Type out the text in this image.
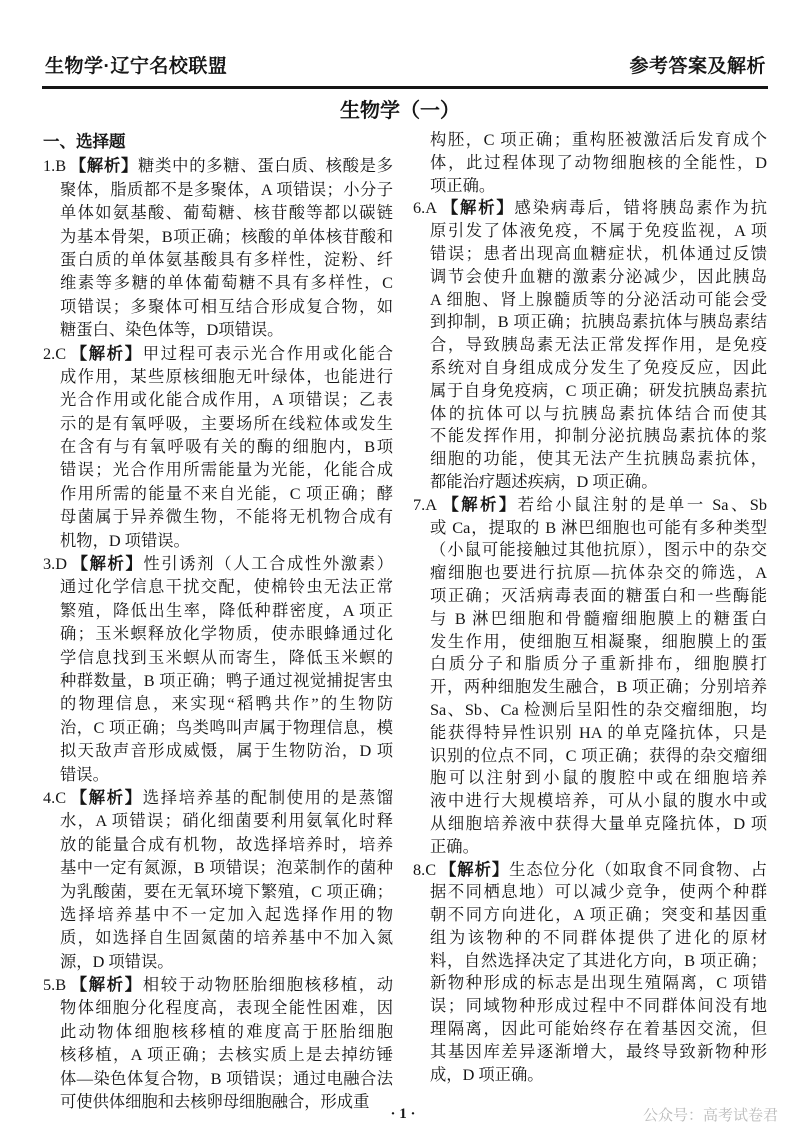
生物学·辽宁名校联盟	参考答案及解析
生物学（一）
一、选择题
1.B 【解析】糖类中的多糖、蛋白质、核酸是多
聚体，脂质都不是多聚体，A 项错误；小分子
单体如氨基酸、葡萄糖、核苷酸等都以碳链
为基本骨架，B项正确；核酸的单体核苷酸和
蛋白质的单体氨基酸具有多样性，淀粉、纤
维素等多糖的单体葡萄糖不具有多样性，C
项错误；多聚体可相互结合形成复合物，如
糖蛋白、染色体等，D项错误。
2.C 【解析】甲过程可表示光合作用或化能合
成作用，某些原核细胞无叶绿体，也能进行
光合作用或化能合成作用，A 项错误；乙表
示的是有氧呼吸，主要场所在线粒体或发生
在含有与有氧呼吸有关的酶的细胞内，B项
错误；光合作用所需能量为光能，化能合成
作用所需的能量不来自光能，C 项正确；酵
母菌属于异养微生物，不能将无机物合成有
机物，D 项错误。
3.D 【解析】性引诱剂（人工合成性外激素）
通过化学信息干扰交配，使棉铃虫无法正常
繁殖，降低出生率，降低种群密度，A 项正
确；玉米螟释放化学物质，使赤眼蜂通过化
学信息找到玉米螟从而寄生，降低玉米螟的
种群数量，B 项正确；鸭子通过视觉捕捉害虫
的物理信息，来实现“稻鸭共作”的生物防
治，C 项正确；鸟类鸣叫声属于物理信息，模
拟天敌声音形成威慑，属于生物防治，D 项
错误。
4.C 【解析】选择培养基的配制使用的是蒸馏
水，A 项错误；硝化细菌要利用氨氧化时释
放的能量合成有机物，故选择培养时，培养
基中一定有氮源，B 项错误；泡菜制作的菌种
为乳酸菌，要在无氧环境下繁殖，C 项正确；
选择培养基中不一定加入起选择作用的物
质，如选择自生固氮菌的培养基中不加入氮
源，D 项错误。
5.B 【解析】相较于动物胚胎细胞核移植，动
物体细胞分化程度高，表现全能性困难，因
此动物体细胞核移植的难度高于胚胎细胞
核移植，A 项正确；去核实质上是去掉纺锤
体—染色体复合物，B 项错误；通过电融合法
可使供体细胞和去核卵母细胞融合，形成重
构胚，C 项正确；重构胚被激活后发育成个
体，此过程体现了动物细胞核的全能性，D
项正确。
6.A 【解析】感染病毒后，错将胰岛素作为抗
原引发了体液免疫，不属于免疫监视，A 项
错误；患者出现高血糖症状，机体通过反馈
调节会使升血糖的激素分泌减少，因此胰岛
A 细胞、肾上腺髓质等的分泌活动可能会受
到抑制，B 项正确；抗胰岛素抗体与胰岛素结
合，导致胰岛素无法正常发挥作用，是免疫
系统对自身组成成分发生了免疫反应，因此
属于自身免疫病，C 项正确；研发抗胰岛素抗
体的抗体可以与抗胰岛素抗体结合而使其
不能发挥作用，抑制分泌抗胰岛素抗体的浆
细胞的功能，使其无法产生抗胰岛素抗体，
都能治疗题述疾病，D 项正确。
7.A 【解析】若给小鼠注射的是单一 Sa、Sb
或 Ca，提取的 B 淋巴细胞也可能有多种类型
（小鼠可能接触过其他抗原），图示中的杂交
瘤细胞也要进行抗原—抗体杂交的筛选，A
项正确；灭活病毒表面的糖蛋白和一些酶能
与 B 淋巴细胞和骨髓瘤细胞膜上的糖蛋白
发生作用，使细胞互相凝聚，细胞膜上的蛋
白质分子和脂质分子重新排布，细胞膜打
开，两种细胞发生融合，B 项正确；分别培养
Sa、Sb、Ca 检测后呈阳性的杂交瘤细胞，均
能获得特异性识别 HA 的单克隆抗体，只是
识别的位点不同，C 项正确；获得的杂交瘤细
胞可以注射到小鼠的腹腔中或在细胞培养
液中进行大规模培养，可从小鼠的腹水中或
从细胞培养液中获得大量单克隆抗体，D 项
正确。
8.C 【解析】生态位分化（如取食不同食物、占
据不同栖息地）可以减少竞争，使两个种群
朝不同方向进化，A 项正确；突变和基因重
组为该物种的不同群体提供了进化的原材
料，自然选择决定了其进化方向，B 项正确；
新物种形成的标志是出现生殖隔离，C 项错
误；同域物种形成过程中不同群体间没有地
理隔离，因此可能始终存在着基因交流，但
其基因库差异逐渐增大，最终导致新物种形
成，D 项正确。
· 1 ·	公众号：高考试卷君
